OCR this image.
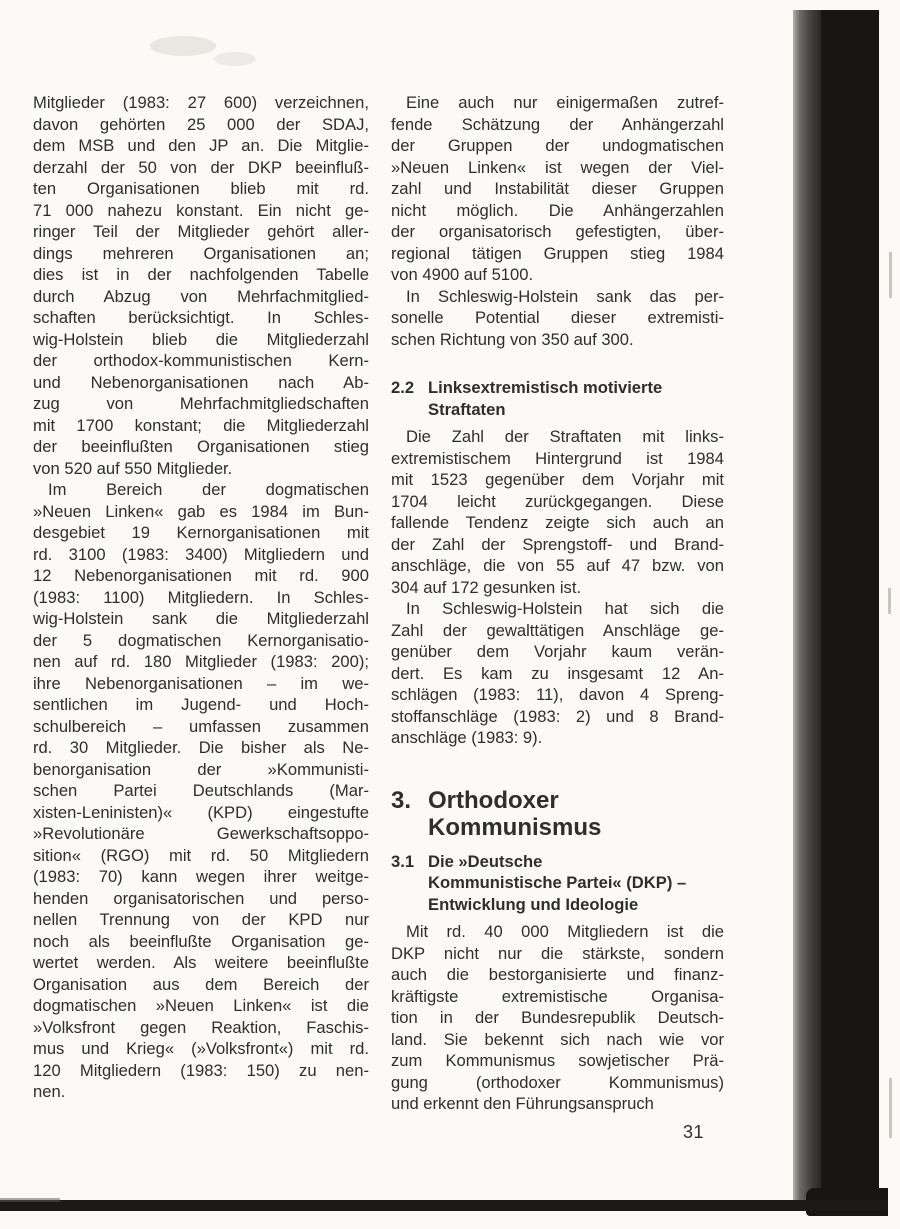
Mitglieder (1983: 27 600) verzeichnen,
davon gehörten 25 000 der SDAJ,
dem MSB und den JP an. Die Mitglie-
derzahl der 50 von der DKP beeinfluß-
ten Organisationen blieb mit rd.
71 000 nahezu konstant. Ein nicht ge-
ringer Teil der Mitglieder gehört aller-
dings mehreren Organisationen an;
dies ist in der nachfolgenden Tabelle
durch Abzug von Mehrfachmitglied-
schaften berücksichtigt. In Schles-
wig-Holstein blieb die Mitgliederzahl
der orthodox-kommunistischen Kern-
und Nebenorganisationen nach Ab-
zug von Mehrfachmitgliedschaften
mit 1700 konstant; die Mitgliederzahl
der beeinflußten Organisationen stieg
von 520 auf 550 Mitglieder.
Im Bereich der dogmatischen
»Neuen Linken« gab es 1984 im Bun-
desgebiet 19 Kernorganisationen mit
rd. 3100 (1983: 3400) Mitgliedern und
12 Nebenorganisationen mit rd. 900
(1983: 1100) Mitgliedern. In Schles-
wig-Holstein sank die Mitgliederzahl
der 5 dogmatischen Kernorganisatio-
nen auf rd. 180 Mitglieder (1983: 200);
ihre Nebenorganisationen – im we-
sentlichen im Jugend- und Hoch-
schulbereich – umfassen zusammen
rd. 30 Mitglieder. Die bisher als Ne-
benorganisation der »Kommunisti-
schen Partei Deutschlands (Mar-
xisten-Leninisten)« (KPD) eingestufte
»Revolutionäre Gewerkschaftsoppo-
sition« (RGO) mit rd. 50 Mitgliedern
(1983: 70) kann wegen ihrer weitge-
henden organisatorischen und perso-
nellen Trennung von der KPD nur
noch als beeinflußte Organisation ge-
wertet werden. Als weitere beeinflußte
Organisation aus dem Bereich der
dogmatischen »Neuen Linken« ist die
»Volksfront gegen Reaktion, Faschis-
mus und Krieg« (»Volksfront«) mit rd.
120 Mitgliedern (1983: 150) zu nen-
nen.
Eine auch nur einigermaßen zutref-
fende Schätzung der Anhängerzahl
der Gruppen der undogmatischen
»Neuen Linken« ist wegen der Viel-
zahl und Instabilität dieser Gruppen
nicht möglich. Die Anhängerzahlen
der organisatorisch gefestigten, über-
regional tätigen Gruppen stieg 1984
von 4900 auf 5100.
In Schleswig-Holstein sank das per-
sonelle Potential dieser extremisti-
schen Richtung von 350 auf 300.
2.2 Linksextremistisch motivierte
Straftaten
Die Zahl der Straftaten mit links-
extremistischem Hintergrund ist 1984
mit 1523 gegenüber dem Vorjahr mit
1704 leicht zurückgegangen. Diese
fallende Tendenz zeigte sich auch an
der Zahl der Sprengstoff- und Brand-
anschläge, die von 55 auf 47 bzw. von
304 auf 172 gesunken ist.
In Schleswig-Holstein hat sich die
Zahl der gewalttätigen Anschläge ge-
genüber dem Vorjahr kaum verän-
dert. Es kam zu insgesamt 12 An-
schlägen (1983: 11), davon 4 Spreng-
stoffanschläge (1983: 2) und 8 Brand-
anschläge (1983: 9).
3. Orthodoxer
Kommunismus
3.1 Die »Deutsche
Kommunistische Partei« (DKP) –
Entwicklung und Ideologie
Mit rd. 40 000 Mitgliedern ist die
DKP nicht nur die stärkste, sondern
auch die bestorganisierte und finanz-
kräftigste extremistische Organisa-
tion in der Bundesrepublik Deutsch-
land. Sie bekennt sich nach wie vor
zum Kommunismus sowjetischer Prä-
gung (orthodoxer Kommunismus)
und erkennt den Führungsanspruch
31
